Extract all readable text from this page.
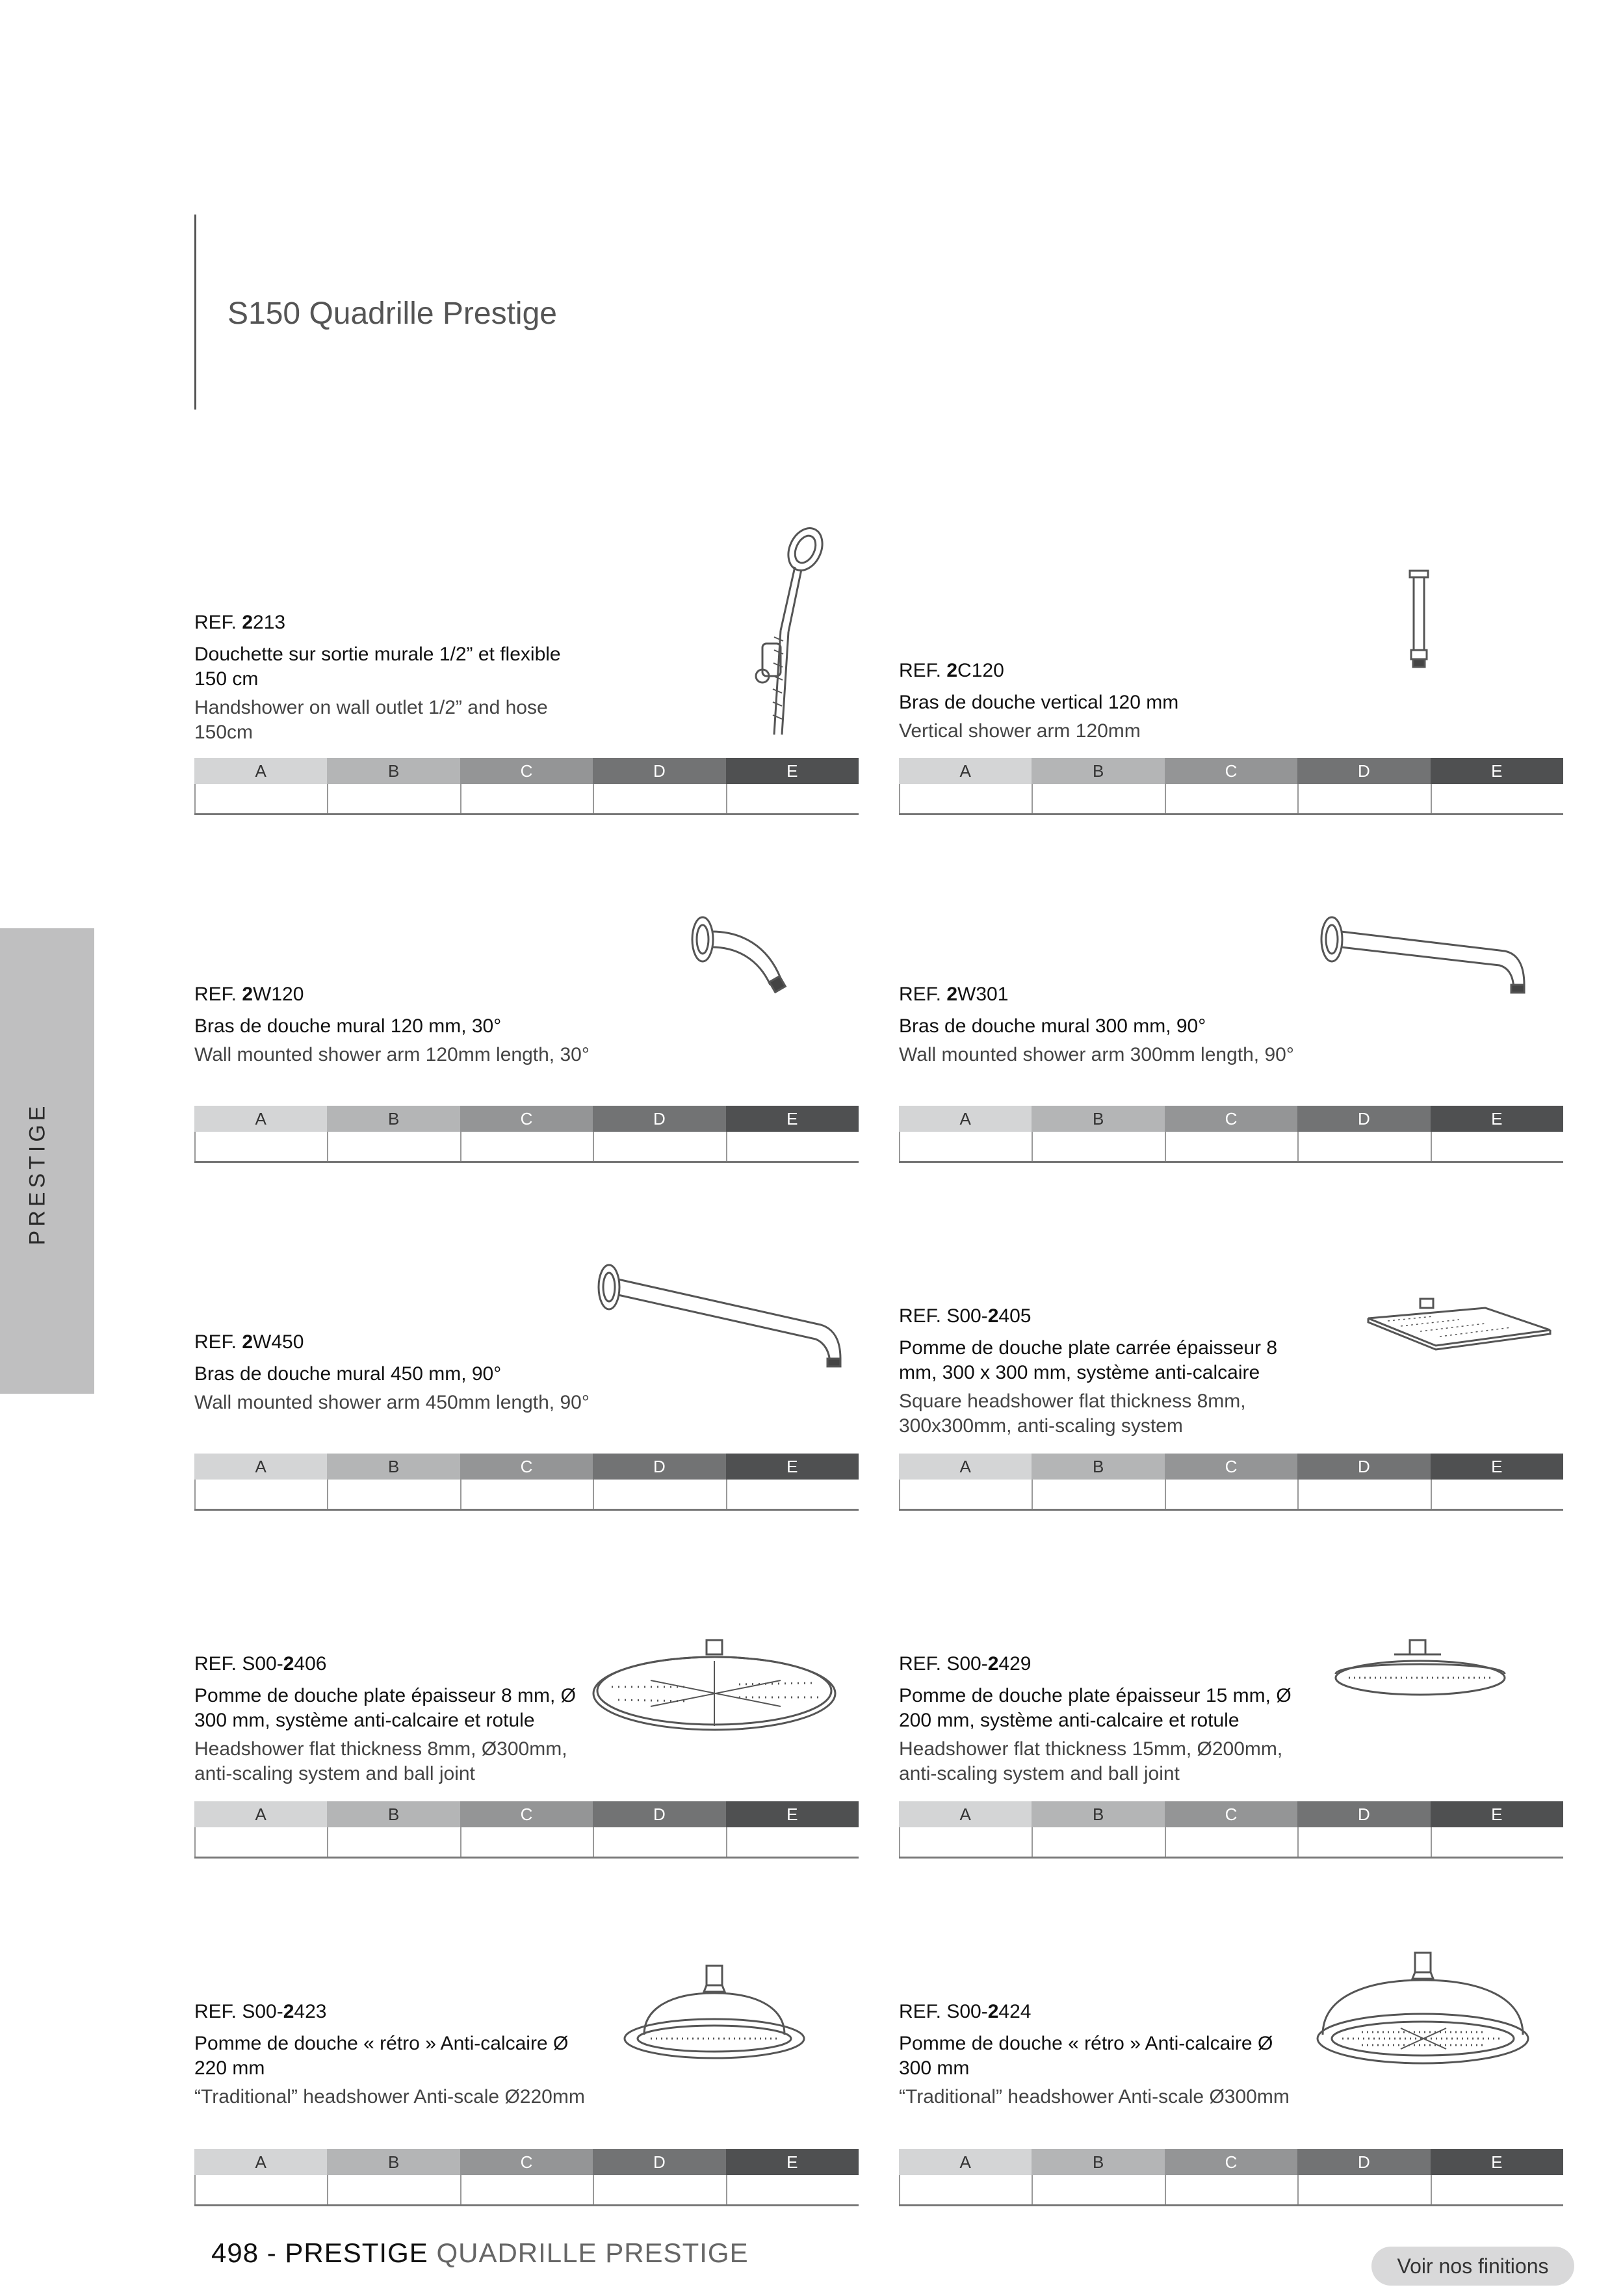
S150 Quadrille Prestige
PRESTIGE
REF. 2213
Douchette sur sortie murale 1/2” et flexible 150 cm
Handshower on wall outlet 1/2” and hose 150cm
A	B	C	D	E
REF. 2C120
Bras de douche vertical 120 mm
Vertical shower arm 120mm
A	B	C	D	E
REF. 2W120
Bras de douche mural 120 mm, 30°
Wall mounted shower arm 120mm length, 30°
A	B	C	D	E
REF. 2W301
Bras de douche mural 300 mm, 90°
Wall mounted shower arm 300mm length, 90°
A	B	C	D	E
REF. 2W450
Bras de douche mural 450 mm, 90°
Wall mounted shower arm 450mm length, 90°
A	B	C	D	E
REF. S00-2405
Pomme de douche plate carrée épaisseur 8 mm, 300 x 300 mm, système anti-calcaire
Square headshower flat thickness 8mm, 300x300mm, anti-scaling system
A	B	C	D	E
REF. S00-2406
Pomme de douche plate épaisseur 8 mm, Ø 300 mm, système anti-calcaire et rotule
Headshower flat thickness 8mm, Ø300mm, anti-scaling system and ball joint
A	B	C	D	E
REF. S00-2429
Pomme de douche plate épaisseur 15 mm, Ø 200 mm, système anti-calcaire et rotule
Headshower flat thickness 15mm, Ø200mm, anti-scaling system and ball joint
A	B	C	D	E
REF. S00-2423
Pomme de douche « rétro » Anti-calcaire Ø 220 mm
“Traditional” headshower Anti-scale Ø220mm
A	B	C	D	E
REF. S00-2424
Pomme de douche « rétro » Anti-calcaire Ø 300 mm
“Traditional” headshower Anti-scale Ø300mm
A	B	C	D	E
498 - PRESTIGE QUADRILLE PRESTIGE	Voir nos finitions
